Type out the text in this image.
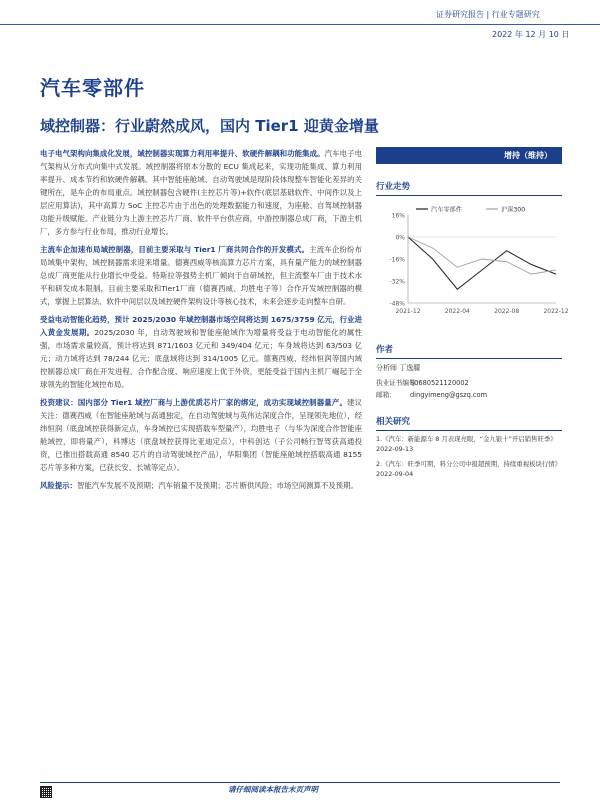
证券研究报告 | 行业专题研究
2022 年 12 月 10 日
汽车零部件
域控制器：行业蔚然成风，国内 Tier1 迎黄金增量

电子电气架构向集成化发展，域控制器实现算力利用率提升、软硬件解耦和功能集成。汽车电子电气架构从分布式向集中式发展。域控制器将原本分散的 ECU 集成起来，实现功能集成、算力利用率提升、成本节约和软硬件解耦。其中智能座舱域、自动驾驶域是现阶段体现整车智能化差异的关键所在，是车企的布局重点。域控制器包含硬件(主控芯片等)+软件(底层基础软件、中间件以及上层应用算法)，其中高算力 SoC 主控芯片由于出色的处理数据能力和速度，为座舱、自驾域控制器功能升级赋能。产业链分为上游主控芯片厂商、软件平台供应商，中游控制器总成厂商，下游主机厂，多方参与行业布局，推动行业增长。

主流车企加速布局域控制器，目前主要采取与 Tier1 厂商共同合作的开发模式。主流车企纷纷布局域集中架构，域控制器需求迎来增量。德赛西威等核高算力芯片方案，具有量产能力的域控制器总成厂商更能从行业增长中受益。特斯拉等强势主机厂倾向于自研域控，但主流整车厂由于技术水平和研发成本限制，目前主要采取和Tier1厂商（德赛西威、均胜电子等）合作开发域控制器的模式，掌握上层算法、软件中间层以及域控硬件架构设计等核心技术，未来会逐步走向整车自研。

受益电动智能化趋势，预计 2025/2030 年域控制器市场空间将达到 1675/3759 亿元，行业进入黄金发展期。2025/2030 年，自动驾驶域和智能座舱域作为增量将受益于电动智能化的属性强，市场需求量较高，预计将达到 871/1603 亿元和 349/404 亿元；车身域将达到 63/503 亿元；动力域将达到 78/244 亿元；底盘域将达到 314/1005 亿元。德赛西威、经纬恒润等国内域控制器总成厂商在开发进程、合作配合度、响应速度上优于外资，更能受益于国内主机厂崛起于全球领先的智能化域控布局。

投资建议：国内部分 Tier1 域控厂商与上游优质芯片厂家的绑定，成功实现域控制器量产。建议关注：德赛西威（在智能座舱域与高通独定，在自动驾驶域与英伟达深度合作，呈现领先地位），经纬恒润（底盘域控获得新定点，车身域控已实现搭载车型量产），均胜电子（与华为深度合作智能座舱域控，即将量产），科博达（底盘域控获得比亚迪定点），中科创达（子公司畅行智驾获高通投资，已推出搭载高通 8540 芯片的自动驾驶域控产品），华阳集团（智能座舱域控搭载高通 8155 芯片等多种方案，已获长安、长城等定点）。

风险提示：智能汽车发展不及预期；汽车销量不及预期；芯片断供风险；市场空间测算不及预期。

增持（维持）
行业走势
16%
0%
-16%
-32%
-48%
2021-12	2022-04	2022-08	2022-12
汽车零部件	沪深300
作者
分析师 丁逸朦
执业证书编号：S0680521120002
邮箱： dingyimeng@gszq.com
相关研究
1.《汽车：新能源车 8 月表现亮眼，“金九银十”开启销售旺季》2022-09-13
2.《汽车：旺季可期，料分公司中报超预期，持续重视板块行情》2022-09-04
请仔细阅读本报告末页声明
